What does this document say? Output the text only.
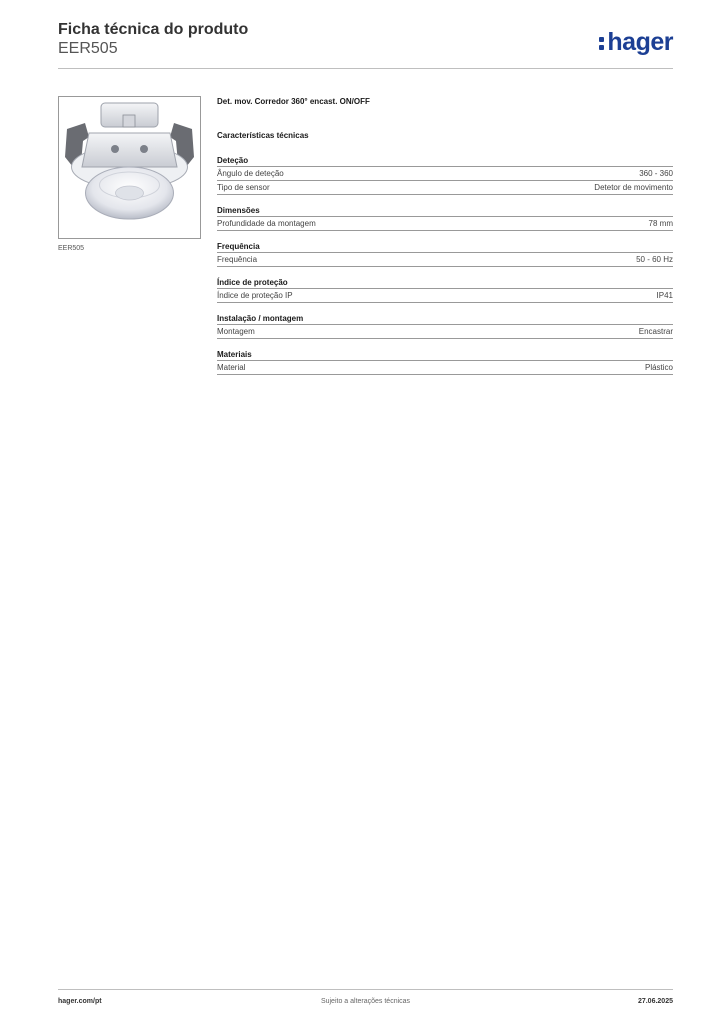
Ficha técnica do produto
EER505	hager
EER505
Det. mov. Corredor 360° encast. ON/OFF
Características técnicas
Deteção
Ângulo de deteção	360 - 360
Tipo de sensor	Detetor de movimento
Dimensões
Profundidade da montagem	78 mm
Frequência
Frequência	50 - 60 Hz
Índice de proteção
Índice de proteção IP	IP41
Instalação / montagem
Montagem	Encastrar
Materiais
Material	Plástico
hager.com/pt	Sujeito a alterações técnicas	27.06.2025
